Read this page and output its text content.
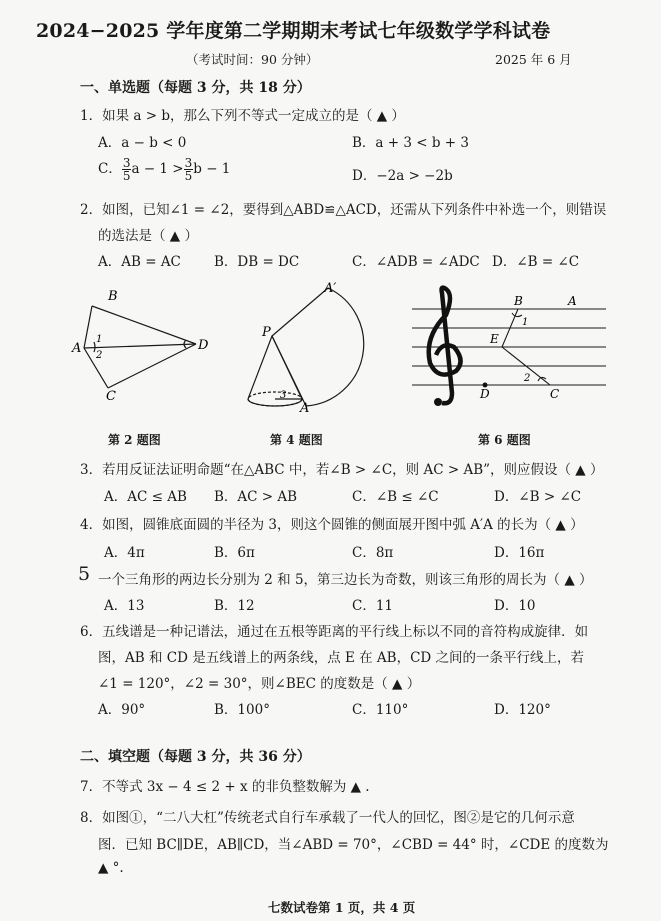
2024−2025 学年度第二学期期末考试七年级数学学科试卷
（考试时间：90 分钟）	2025 年 6 月
一、单选题（每题 3 分，共 18 分）
1．如果 a > b，那么下列不等式一定成立的是（ ▲ ）
A．a − b < 0	B．a + 3 < b + 3
C． $\frac{3}{5}$ $a - 1 > \frac{3}{5}$ b − 1	D．−2a > −2b
2．如图，已知∠1 = ∠2，要得到△ABD≌△ACD，还需从下列条件中补选一个，则错误
的选法是（ ▲ ）
A．AB = AC B．DB = DC	C．∠ADB = ∠ADC D．∠B = ∠C
B
A
C
D
1
2
第 2 题图
P
A′
A
3
第 4 题图
B	A
E
D	C
1
2
第 6 题图
3．若用反证法证明命题“在△ABC 中，若∠B > ∠C，则 AC > AB”，则应假设（ ▲ ）
A．AC ≤ AB B．AC > AB	C．∠B ≤ ∠C	D．∠B > ∠C
4．如图，圆锥底面圆的半径为 3，则这个圆锥的侧面展开图中弧 A′A 的长为（ ▲ ）
A．4π	B．6π	C．8π	D．16π
5 一个三角形的两边长分别为 2 和 5，第三边长为奇数，则该三角形的周长为（ ▲ ）
A．13	B．12	C．11	D．10
6．五线谱是一种记谱法，通过在五根等距离的平行线上标以不同的音符构成旋律．如
图，AB 和 CD 是五线谱上的两条线，点 E 在 AB，CD 之间的一条平行线上，若
∠1 = 120°，∠2 = 30°，则∠BEC 的度数是（ ▲ ）
A．90°	B．100°	C．110°	D．120°
二、填空题（每题 3 分，共 36 分）
7．不等式 3x − 4 ≤ 2 + x 的非负整数解为 ▲ .
8．如图①，“二八大杠”传统老式自行车承载了一代人的回忆，图②是它的几何示意
图．已知 BC∥DE，AB∥CD，当∠ABD = 70°，∠CBD = 44° 时，∠CDE 的度数为
▲ °.
七数试卷第 1 页，共 4 页
